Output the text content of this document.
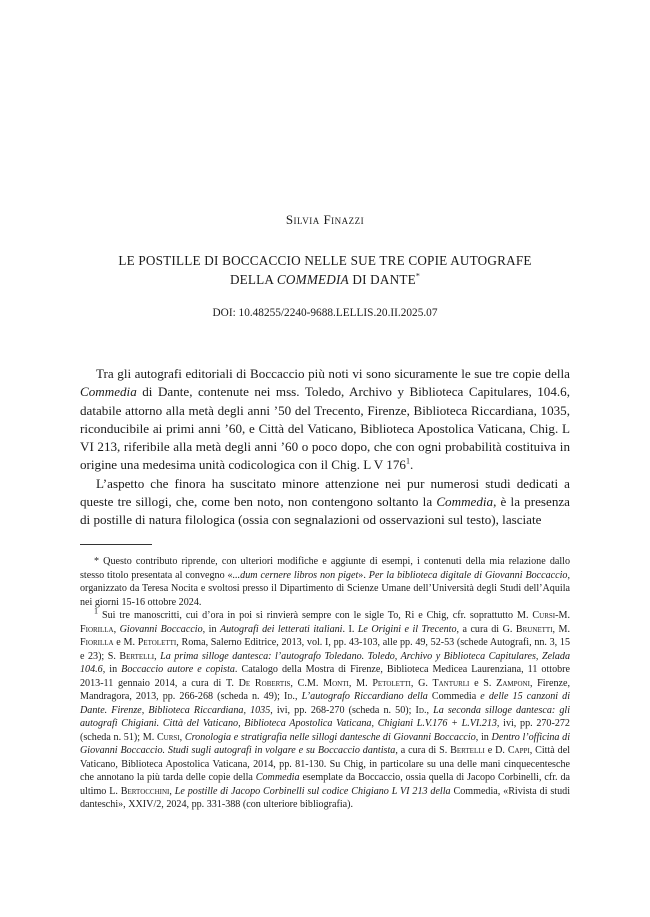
Silvia Finazzi
LE POSTILLE DI BOCCACCIO NELLE SUE TRE COPIE AUTOGRAFE
DELLA COMMEDIA DI DANTE*
DOI: 10.48255/2240-9688.LELLIS.20.II.2025.07

Tra gli autografi editoriali di Boccaccio più noti vi sono sicuramente le sue tre copie della Commedia di Dante, contenute nei mss. Toledo, Archivo y Biblioteca Capitulares, 104.6, databile attorno alla metà degli anni ’50 del Trecento, Firenze, Biblioteca Riccardiana, 1035, riconducibile ai primi anni ’60, e Città del Vaticano, Biblioteca Apostolica Vaticana, Chig. L VI 213, riferibile alla metà degli anni ’60 o poco dopo, che con ogni probabilità costituiva in origine una medesima unità codicologica con il Chig. L V $176^1$.

L’aspetto che finora ha suscitato minore attenzione nei pur numerosi studi dedicati a queste tre sillogi, che, come ben noto, non contengono soltanto la Commedia, è la presenza di postille di natura filologica (ossia con segnalazioni od osservazioni sul testo), lasciate

* Questo contributo riprende, con ulteriori modifiche e aggiunte di esempi, i contenuti della mia relazione dallo stesso titolo presentata al convegno «...dum cernere libros non piget». Per la biblioteca digitale di Giovanni Boccaccio, organizzato da Teresa Nocita e svoltosi presso il Dipartimento di Scienze Umane dell’Università degli Studi dell’Aquila nei giorni 15-16 ottobre 2024.

$^1$ Sui tre manoscritti, cui d’ora in poi si rinvierà sempre con le sigle To, Ri e Chig, cfr. soprattutto M. Cursi-M. Fiorilla, Giovanni Boccaccio, in Autografi dei letterati italiani. I. Le Origini e il Trecento, a cura di G. Brunetti, M. Fiorilla e M. Petoletti, Roma, Salerno Editrice, 2013, vol. I, pp. 43-103, alle pp. 49, 52-53 (schede Autografi, nn. 3, 15 e 23); S. Bertelli, La prima silloge dantesca: l’autografo Toledano. Toledo, Archivo y Biblioteca Capitulares, Zelada 104.6, in Boccaccio autore e copista. Catalogo della Mostra di Firenze, Biblioteca Medicea Laurenziana, 11 ottobre 2013-11 gennaio 2014, a cura di T. De Robertis, C.M. Monti, M. Petoletti, G. Tanturli e S. Zamponi, Firenze, Mandragora, 2013, pp. 266-268 (scheda n. 49); Id., L’autografo Riccardiano della Commedia e delle 15 canzoni di Dante. Firenze, Biblioteca Riccardiana, 1035, ivi, pp. 268-270 (scheda n. 50); Id., La seconda silloge dantesca: gli autografi Chigiani. Città del Vaticano, Biblioteca Apostolica Vaticana, Chigiani L.V.176 + L.VI.213, ivi, pp. 270-272 (scheda n. 51); M. Cursi, Cronologia e stratigrafia nelle sillogi dantesche di Giovanni Boccaccio, in Dentro l’officina di Giovanni Boccaccio. Studi sugli autografi in volgare e su Boccaccio dantista, a cura di S. Bertelli e D. Cappi, Città del Vaticano, Biblioteca Apostolica Vaticana, 2014, pp. 81-130. Su Chig, in particolare su una delle mani cinquecentesche che annotano la più tarda delle copie della Commedia esemplate da Boccaccio, ossia quella di Jacopo Corbinelli, cfr. da ultimo L. Bertocchini, Le postille di Jacopo Corbinelli sul codice Chigiano L VI 213 della Commedia, «Rivista di studi danteschi», XXIV/2, 2024, pp. 331-388 (con ulteriore bibliografia).
